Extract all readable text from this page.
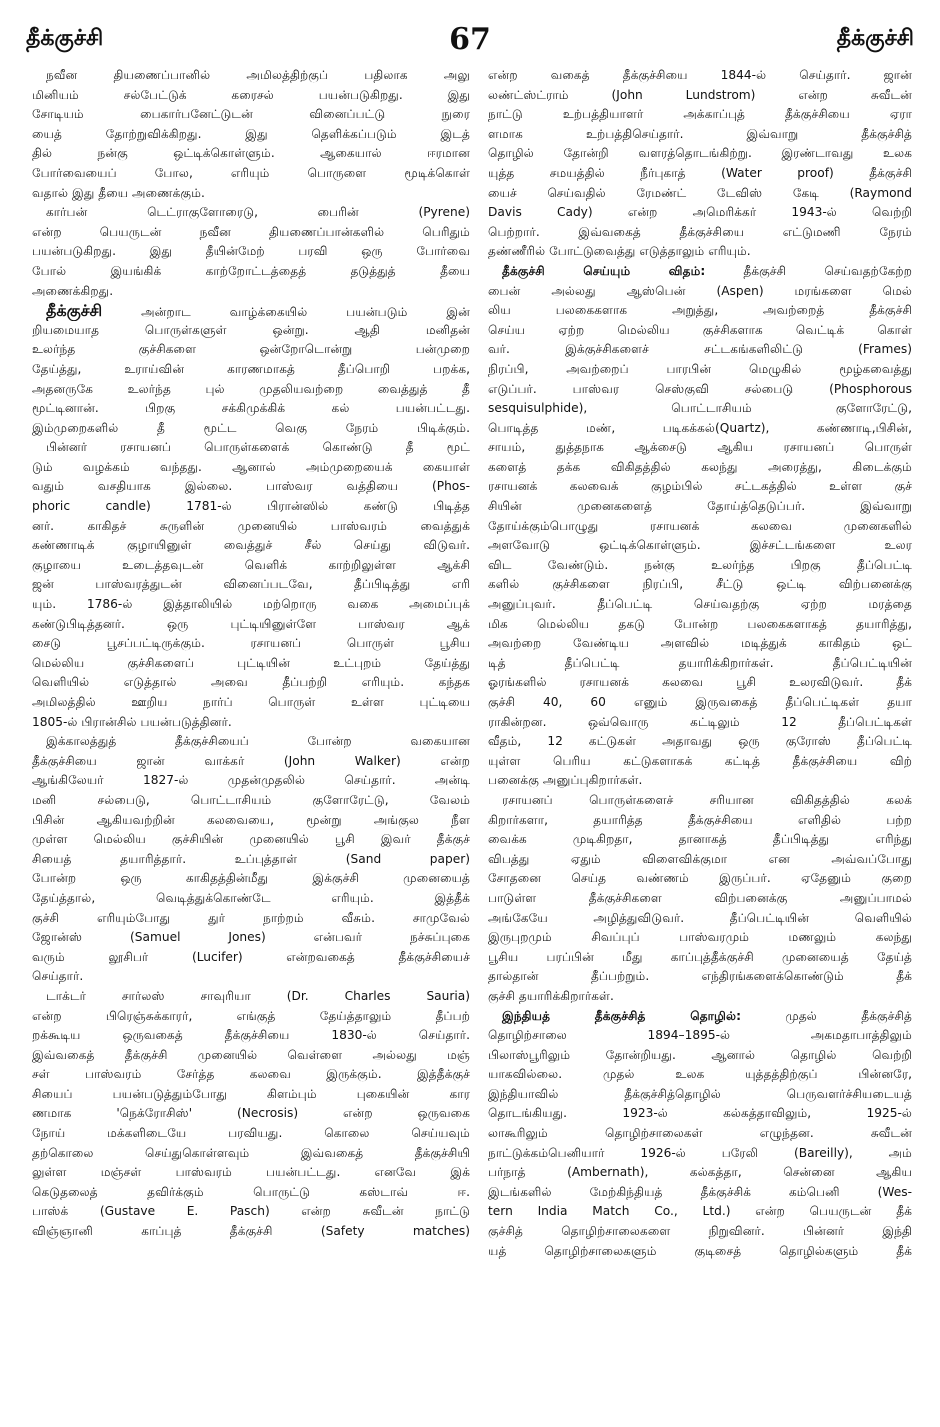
தீக்குச்சி	67	தீக்குச்சி
நவீன தியணைப்பானில் அமிலத்திற்குப் பதிலாக அலு
மினியம் சல்பேட்டுக் கரைசல் பயன்படுகிறது. இது
சோடியம் பைகார்பனேட்டுடன் வினைப்பட்டு நுரை
யைத் தோற்றுவிக்கிறது. இது தெளிக்கப்படும் இடத்
தில் நன்கு ஒட்டிக்கொள்ளும். ஆகையால் ஈரமான
போர்வையைப் போல, எரியும் பொருளை மூடிக்கொள்
வதால் இது தீயை அணைக்கும்.
கார்பன் டெட்ராகுளோரைடு, பைரின் (Pyrene)
என்ற பெயருடன் நவீன தியணைப்பான்களில் பெரிதும்
பயன்படுகிறது. இது தீயின்மேற் பரவி ஒரு போர்வை
போல் இயங்கிக் காற்றோட்டத்தைத் தடுத்துத் தீயை
அணைக்கிறது.
தீக்குச்சி அன்றாட வாழ்க்கையில் பயன்படும் இன்
றியமையாத பொருள்களுள் ஒன்று. ஆதி மனிதன்
உலர்ந்த குச்சிகளை ஒன்றோடொன்று பன்முறை
தேய்த்து, உராய்வின் காரணமாகத் தீப்பொறி பறக்க,
அதனருகே உலர்ந்த புல் முதலியவற்றை வைத்துத் தீ
மூட்டினான். பிறகு சக்கிமுக்கிக் கல் பயன்பட்டது.
இம்முறைகளில் தீ மூட்ட வெகு நேரம் பிடிக்கும்.
பின்னர் ரசாயனப் பொருள்களைக் கொண்டு தீ மூட்
டும் வழக்கம் வந்தது. ஆனால் அம்முறையைக் கையாள்
வதும் வசதியாக இல்லை. பாஸ்வர வத்தியை (Phos-
phoric candle) 1781-ல் பிரான்ஸில் கண்டு பிடித்த
னர். காகிதச் சுருளின் முனையில் பாஸ்வரம் வைத்துக்
கண்ணாடிக் குழாயினுள் வைத்துச் சீல் செய்து விடுவர்.
குழாயை உடைத்தவுடன் வெளிக் காற்றிலுள்ள ஆக்சி
ஜன் பாஸ்வரத்துடன் வினைப்படவே, தீப்பிடித்து எரி
யும். 1786-ல் இத்தாலியில் மற்றொரு வகை அமைப்புக்
கண்டுபிடித்தனர். ஒரு புட்டியினுள்ளே பாஸ்வர ஆக்
சைடு பூசப்பட்டிருக்கும். ரசாயனப் பொருள் பூசிய
மெல்லிய குச்சிகளைப் புட்டியின் உட்புறம் தேய்த்து
வெளியில் எடுத்தால் அவை தீப்பற்றி எரியும். கந்தக
அமிலத்தில் ஊறிய நார்ப் பொருள் உள்ள புட்டியை
1805-ல் பிரான்சில் பயன்படுத்தினர்.
இக்காலத்துத் தீக்குச்சியைப் போன்ற வகையான
தீக்குச்சியை ஜான் வாக்கர் (John Walker) என்ற
ஆங்கிலேயர் 1827-ல் முதன்முதலில் செய்தார். அன்டி
மனி சல்பைடு, பொட்டாசியம் குளோரேட்டு, வேலம்
பிசின் ஆகியவற்றின் கலவையை, மூன்று அங்குல நீள
முள்ள மெல்லிய குச்சியின் முனையில் பூசி இவர் தீக்குச்
சியைத் தயாரித்தார். உப்புத்தாள் (Sand paper)
போன்ற ஒரு காகிதத்தின்மீது இக்குச்சி முனையைத்
தேய்த்தால், வெடித்துக்கொண்டே எரியும். இத்தீக்
குச்சி எரியும்போது துர் நாற்றம் வீசும். சாமுவேல்
ஜோன்ஸ் (Samuel Jones) என்பவர் நச்சுப்புகை
வரும் லூசிபர் (Lucifer) என்றவகைத் தீக்குச்சியைச்
செய்தார்.
டாக்டர் சார்லஸ் சாவுரியா (Dr. Charles Sauria)
என்ற பிரெஞ்சுக்காரர், எங்குத் தேய்த்தாலும் தீப்பற்
றக்கூடிய ஒருவகைத் தீக்குச்சியை 1830-ல் செய்தார்.
இவ்வகைத் தீக்குச்சி முனையில் வெள்ளை அல்லது மஞ்
சள் பாஸ்வரம் சேர்த்த கலவை இருக்கும். இத்தீக்குச்
சியைப் பயன்படுத்தும்போது கிளம்பும் புகையின் கார
ணமாக 'நெக்ரோசிஸ்' (Necrosis) என்ற ஒருவகை
நோய் மக்களிடையே பரவியது. கொலை செய்யவும்
தற்கொலை செய்துகொள்ளவும் இவ்வகைத் தீக்குச்சியி
லுள்ள மஞ்சள் பாஸ்வரம் பயன்பட்டது. எனவே இக்
கெடுதலைத் தவிர்க்கும் பொருட்டு கஸ்டாவ் ஈ.
பாஸ்க் (Gustave E. Pasch) என்ற சுவீடன் நாட்டு
விஞ்ஞானி காப்புத் தீக்குச்சி (Safety matches)
என்ற வகைத் தீக்குச்சியை 1844-ல் செய்தார். ஜான்
லண்ட்ஸ்ட்ராம் (John Lundstrom) என்ற சுவீடன்
நாட்டு உற்பத்தியாளர் அக்காப்புத் தீக்குச்சியை ஏரா
ளமாக உற்பத்திசெய்தார். இவ்வாறு தீக்குச்சித்
தொழில் தோன்றி வளரத்தொடங்கிற்று. இரண்டாவது உலக
யுத்த சமயத்தில் நீர்புகாத் (Water proof) தீக்குச்சி
யைச் செய்வதில் ரேமண்ட் டேவிஸ் கேடி (Raymond
Davis Cady) என்ற அமெரிக்கர் 1943-ல் வெற்றி
பெற்றார். இவ்வகைத் தீக்குச்சியை எட்டுமணி நேரம்
தண்ணீரில் போட்டுவைத்து எடுத்தாலும் எரியும்.
தீக்குச்சி செய்யும் விதம்: தீக்குச்சி செய்வதற்கேற்ற
பைன் அல்லது ஆஸ்பென் (Aspen) மரங்களை மெல்
லிய பலகைகளாக அறுத்து, அவற்றைத் தீக்குச்சி
செய்ய ஏற்ற மெல்லிய குச்சிகளாக வெட்டிக் கொள்
வர். இக்குச்சிகளைச் சட்டகங்களிலிட்டு (Frames)
நிரப்பி, அவற்றைப் பாரபின் மெழுகில் மூழ்கவைத்து
எடுப்பர். பாஸ்வர செஸ்குவி சல்பைடு (Phosphorous
sesquisulphide), பொட்டாசியம் குளோரேட்டு,
பொடித்த மண், படிகக்கல்(Quartz), கண்ணாடி,பிசின்,
சாயம், துத்தநாக ஆக்சைடு ஆகிய ரசாயனப் பொருள்
களைத் தக்க விகிதத்தில் கலந்து அரைத்து, கிடைக்கும்
ரசாயனக் கலவைக் குழம்பில் சட்டகத்தில் உள்ள குச்
சியின் முனைகளைத் தோய்த்தெடுப்பர். இவ்வாறு
தோய்க்கும்பொழுது ரசாயனக் கலவை முனைகளில்
அளவோடு ஒட்டிக்கொள்ளும். இச்சட்டங்களை உலர
விட வேண்டும். நன்கு உலர்ந்த பிறகு தீப்பெட்டி
களில் குச்சிகளை நிரப்பி, சீட்டு ஒட்டி விற்பனைக்கு
அனுப்புவர். தீப்பெட்டி செய்வதற்கு ஏற்ற மரத்தை
மிக மெல்லிய தகடு போன்ற பலகைகளாகத் தயாரித்து,
அவற்றை வேண்டிய அளவில் மடித்துக் காகிதம் ஒட்
டித் தீப்பெட்டி தயாரிக்கிறார்கள். தீப்பெட்டியின்
ஓரங்களில் ரசாயனக் கலவை பூசி உலரவிடுவர். தீக்
குச்சி 40, 60 எனும் இருவகைத் தீப்பெட்டிகள் தயா
ராகின்றன. ஒவ்வொரு கட்டிலும் 12 தீப்பெட்டிகள்
வீதம், 12 கட்டுகள் அதாவது ஒரு குரோஸ் தீப்பெட்டி
யுள்ள பெரிய கட்டுகளாகக் கட்டித் தீக்குச்சியை விற்
பனைக்கு அனுப்புகிறார்கள்.
ரசாயனப் பொருள்களைச் சரியான விகிதத்தில் கலக்
கிறார்களா, தயாரித்த தீக்குச்சியை எளிதில் பற்ற
வைக்க முடிகிறதா, தானாகத் தீப்பிடித்து எரிந்து
விபத்து ஏதும் விளைவிக்குமா என அவ்வப்போது
சோதனை செய்த வண்ணம் இருப்பர். ஏதேனும் குறை
பாடுள்ள தீக்குச்சிகளை விற்பனைக்கு அனுப்பாமல்
அங்கேயே அழித்துவிடுவர். தீப்பெட்டியின் வெளியில்
இருபுறமும் சிவப்புப் பாஸ்வரமும் மணலும் கலந்து
பூசிய பரப்பின் மீது காப்புத்தீக்குச்சி முனையைத் தேய்த்
தால்தான் தீப்பற்றும். எந்திரங்களைக்கொண்டும் தீக்
குச்சி தயாரிக்கிறார்கள்.
இந்தியத் தீக்குச்சித் தொழில்: முதல் தீக்குச்சித்
தொழிற்சாலை 1894–1895-ல் அகமதாபாத்திலும்
பிலாஸ்பூரிலும் தோன்றியது. ஆனால் தொழில் வெற்றி
யாகவில்லை. முதல் உலக யுத்தத்திற்குப் பின்னரே,
இந்தியாவில் தீக்குச்சித்தொழில் பெருவளர்ச்சியடையத்
தொடங்கியது. 1923-ல் கல்கத்தாவிலும், 1925-ல்
லாகூரிலும் தொழிற்சாலைகள் எழுந்தன. சுவீடன்
நாட்டுக்கம்பெனியார் 1926-ல் பரேலி (Bareilly), அம்
பர்நாத் (Ambernath), கல்கத்தா, சென்னை ஆகிய
இடங்களில் மேற்கிந்தியத் தீக்குச்சிக் கம்பெனி (Wes-
tern India Match Co., Ltd.) என்ற பெயருடன் தீக்
குச்சித் தொழிற்சாலைகளை நிறுவினர். பின்னர் இந்தி
யத் தொழிற்சாலைகளும் குடிசைத் தொழில்களும் தீக்
